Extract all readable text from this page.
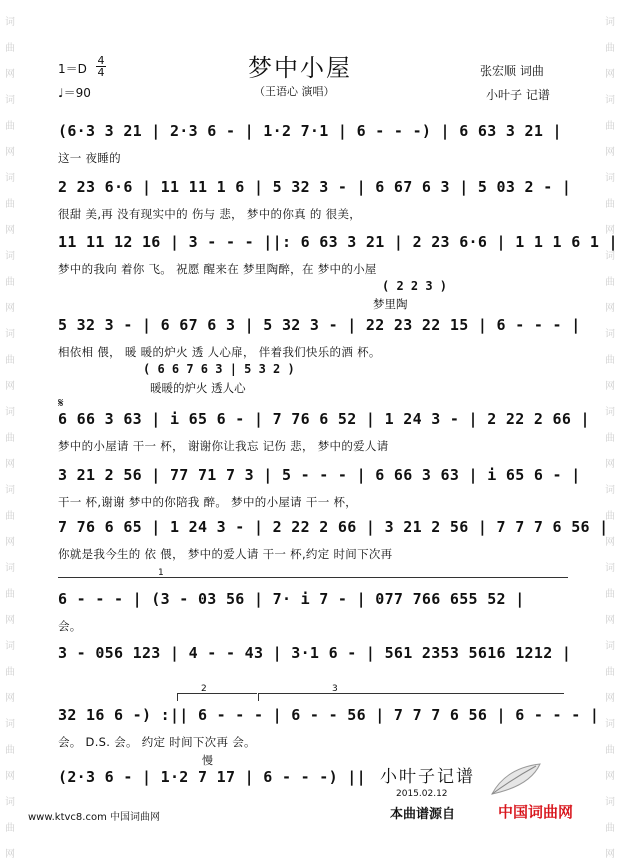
词
曲
网
词
曲
网
词
曲
网
词
曲
网
词
曲
网
词
曲
网
词
曲
网
词
曲
网
词
曲
网
词
曲
网
词
曲
网
词
曲
网
词
曲
网
词
曲
网
词
曲
网
词
曲
网
词
曲
网
词
曲
网
词
曲
网
词
曲
网
词
曲
网
词
曲
网
1＝D
4
4
♩＝90
梦中小屋
（王语心 演唱）
张宏顺 词曲
小叶子 记谱
(6·3 3 21 | 2·3 6 - | 1·2 7·1 | 6 - - -) | 6 63 3 21 |
这一 夜睡的
2 23 6·6 | 11 11 1 6 | 5 32 3 - | 6 67 6 3 | 5 03 2 - |
很甜 美,再 没有现实中的 伤与 悲， 梦中的你真 的 很美，
11 11 12 16 | 3 - - - ||: 6 63 3 21 | 2 23 6·6 | 1 1 1 6 1 |
梦中的我向 着你 飞。 祝愿 醒来在 梦里陶醉，在 梦中的小屋
( 2 2 3 )
梦里陶
5 32 3 - | 6 67 6 3 | 5 32 3 - | 22 23 22 15 | 6 - - - |
相依相 偎， 暖 暖的炉火 透 人心扉， 伴着我们快乐的酒 杯。
( 6 6 7 6 3 | 5 3 2 )
暖暖的炉火 透人心
𝄋
6 66 3 63 | i 65 6 - | 7 76 6 52 | 1 24 3 - | 2 22 2 66 |
梦中的小屋请 干一 杯， 谢谢你让我忘 记伤 悲， 梦中的爱人请
3 21 2 56 | 77 71 7 3 | 5 - - - | 6 66 3 63 | i 65 6 - |
干一 杯,谢谢 梦中的你陪我 醉。 梦中的小屋请 干一 杯，
7 76 6 65 | 1 24 3 - | 2 22 2 66 | 3 21 2 56 | 7 7 7 6 56 |
你就是我今生的 依 偎， 梦中的爱人请 干一 杯,约定 时间下次再
1
6 - - - | (3 - 03 56 | 7· i 7 - | 077 766 655 52 |
会。
3 - 056 123 | 4 - - 43 | 3·1 6 - | 561 2353 5616 1212 |
2	3
32 16 6 -) :|| 6 - - - | 6 - - 56 | 7 7 7 6 56 | 6 - - - |
会。 D.S. 会。 约定 时间下次再 会。
慢
(2·3 6 - | 1·2 7 17 | 6 - - -) || 小叶子记谱
2015.02.12
www.ktvc8.com 中国词曲网	本曲谱源自	中国词曲网
